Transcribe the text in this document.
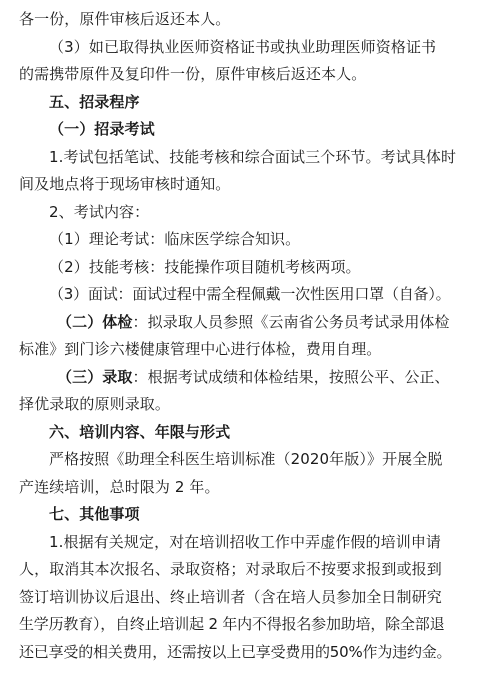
各一份，原件审核后返还本人。
（3）如已取得执业医师资格证书或执业助理医师资格证书
的需携带原件及复印件一份，原件审核后返还本人。
五、招录程序
（一）招录考试
1.考试包括笔试、技能考核和综合面试三个环节。考试具体时
间及地点将于现场审核时通知。
2、考试内容：
（1）理论考试：临床医学综合知识。
（2）技能考核：技能操作项目随机考核两项。
（3）面试：面试过程中需全程佩戴一次性医用口罩（自备）。
（二）体检：拟录取人员参照《云南省公务员考试录用体检
标准》到门诊六楼健康管理中心进行体检，费用自理。
（三）录取：根据考试成绩和体检结果，按照公平、公正、
择优录取的原则录取。
六、培训内容、年限与形式
严格按照《助理全科医生培训标准（2020年版）》开展全脱
产连续培训，总时限为 2 年。
七、其他事项
1.根据有关规定，对在培训招收工作中弄虚作假的培训申请
人，取消其本次报名、录取资格；对录取后不按要求报到或报到
签订培训协议后退出、终止培训者（含在培人员参加全日制研究
生学历教育），自终止培训起 2 年内不得报名参加助培，除全部退
还已享受的相关费用，还需按以上已享受费用的50%作为违约金。
